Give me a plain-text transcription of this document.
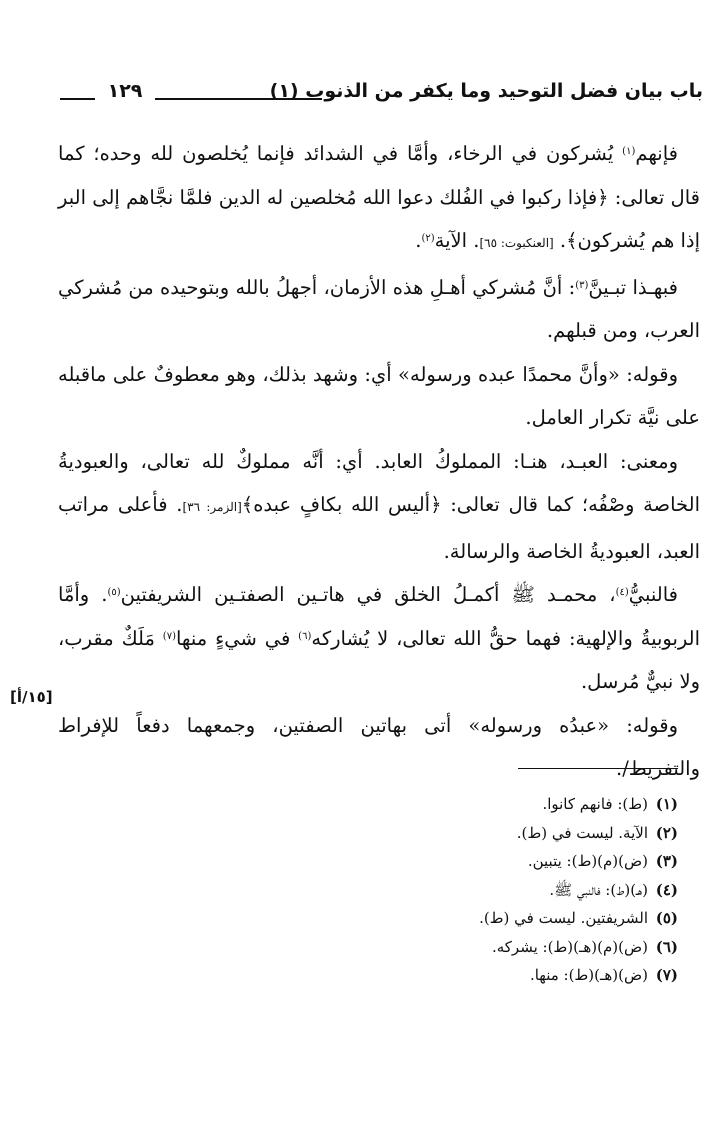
باب بيان فضل التوحيد وما يكفر من الذنوب (١)
١٢٩

فإنهم$^{(١)}$ يُشركون في الرخاء، وأمَّا في الشدائد فإنما يُخلصون لله وحده؛ كما قال تعالى: ﴿فإذا ركبوا في الفُلك دعوا الله مُخلصين له الدين فلمَّا نجَّاهم إلى البر إذا هم يُشركون﴾. [العنكبوت: ٦٥]. الآية$^{(٢)}$.

فبهـذا تبـينَّ$^{(٣)}$: أنَّ مُشركي أهـلِ هذه الأزمان، أجهلُ بالله وبتوحيده من مُشركي العرب، ومن قبلهم.

وقوله: «وأنَّ محمدًا عبده ورسوله» أي: وشهد بذلك، وهو معطوفٌ على ماقبله على نيَّة تكرار العامل.

ومعنى: العبـد، هنـا: المملوكُ العابد. أي: أنَّه مملوكٌ لله تعالى، والعبوديةُ الخاصة وصْفُه؛ كما قال تعالى: ﴿أليس الله بكافٍ عبده﴾[الزمر: ٣٦]. فأعلى مراتب العبد، العبوديةُ الخاصة والرسالة.

فالنبيُّ$^{(٤)}$، محمـد ﷺ أكمـلُ الخلق في هاتـين الصفتـين الشريفتين$^{(٥)}$. وأمَّا الربوبيةُ والإلهية: فهما حقُّ الله تعالى، لا يُشاركه$^{(٦)}$ في شيءٍ منها$^{(٧)}$ مَلَكٌ مقرب، ولا نبيٌّ مُرسل.

وقوله: «عبدُه ورسوله» أتى بهاتين الصفتين، وجمعهما دفعاً للإفراط والتفريط/.

[١٥/أ]
(١)(ط): فانهم كانوا.
(٢)الآية. ليست في (ط).
(٣)(ض)(م)(ط): يتبين.
(٤)(هـ)(ط): فالنبي ﷺ.
(٥)الشريفتين. ليست في (ط).
(٦)(ض)(م)(هـ)(ط): يشركه.
(٧)(ض)(هـ)(ط): منها.
